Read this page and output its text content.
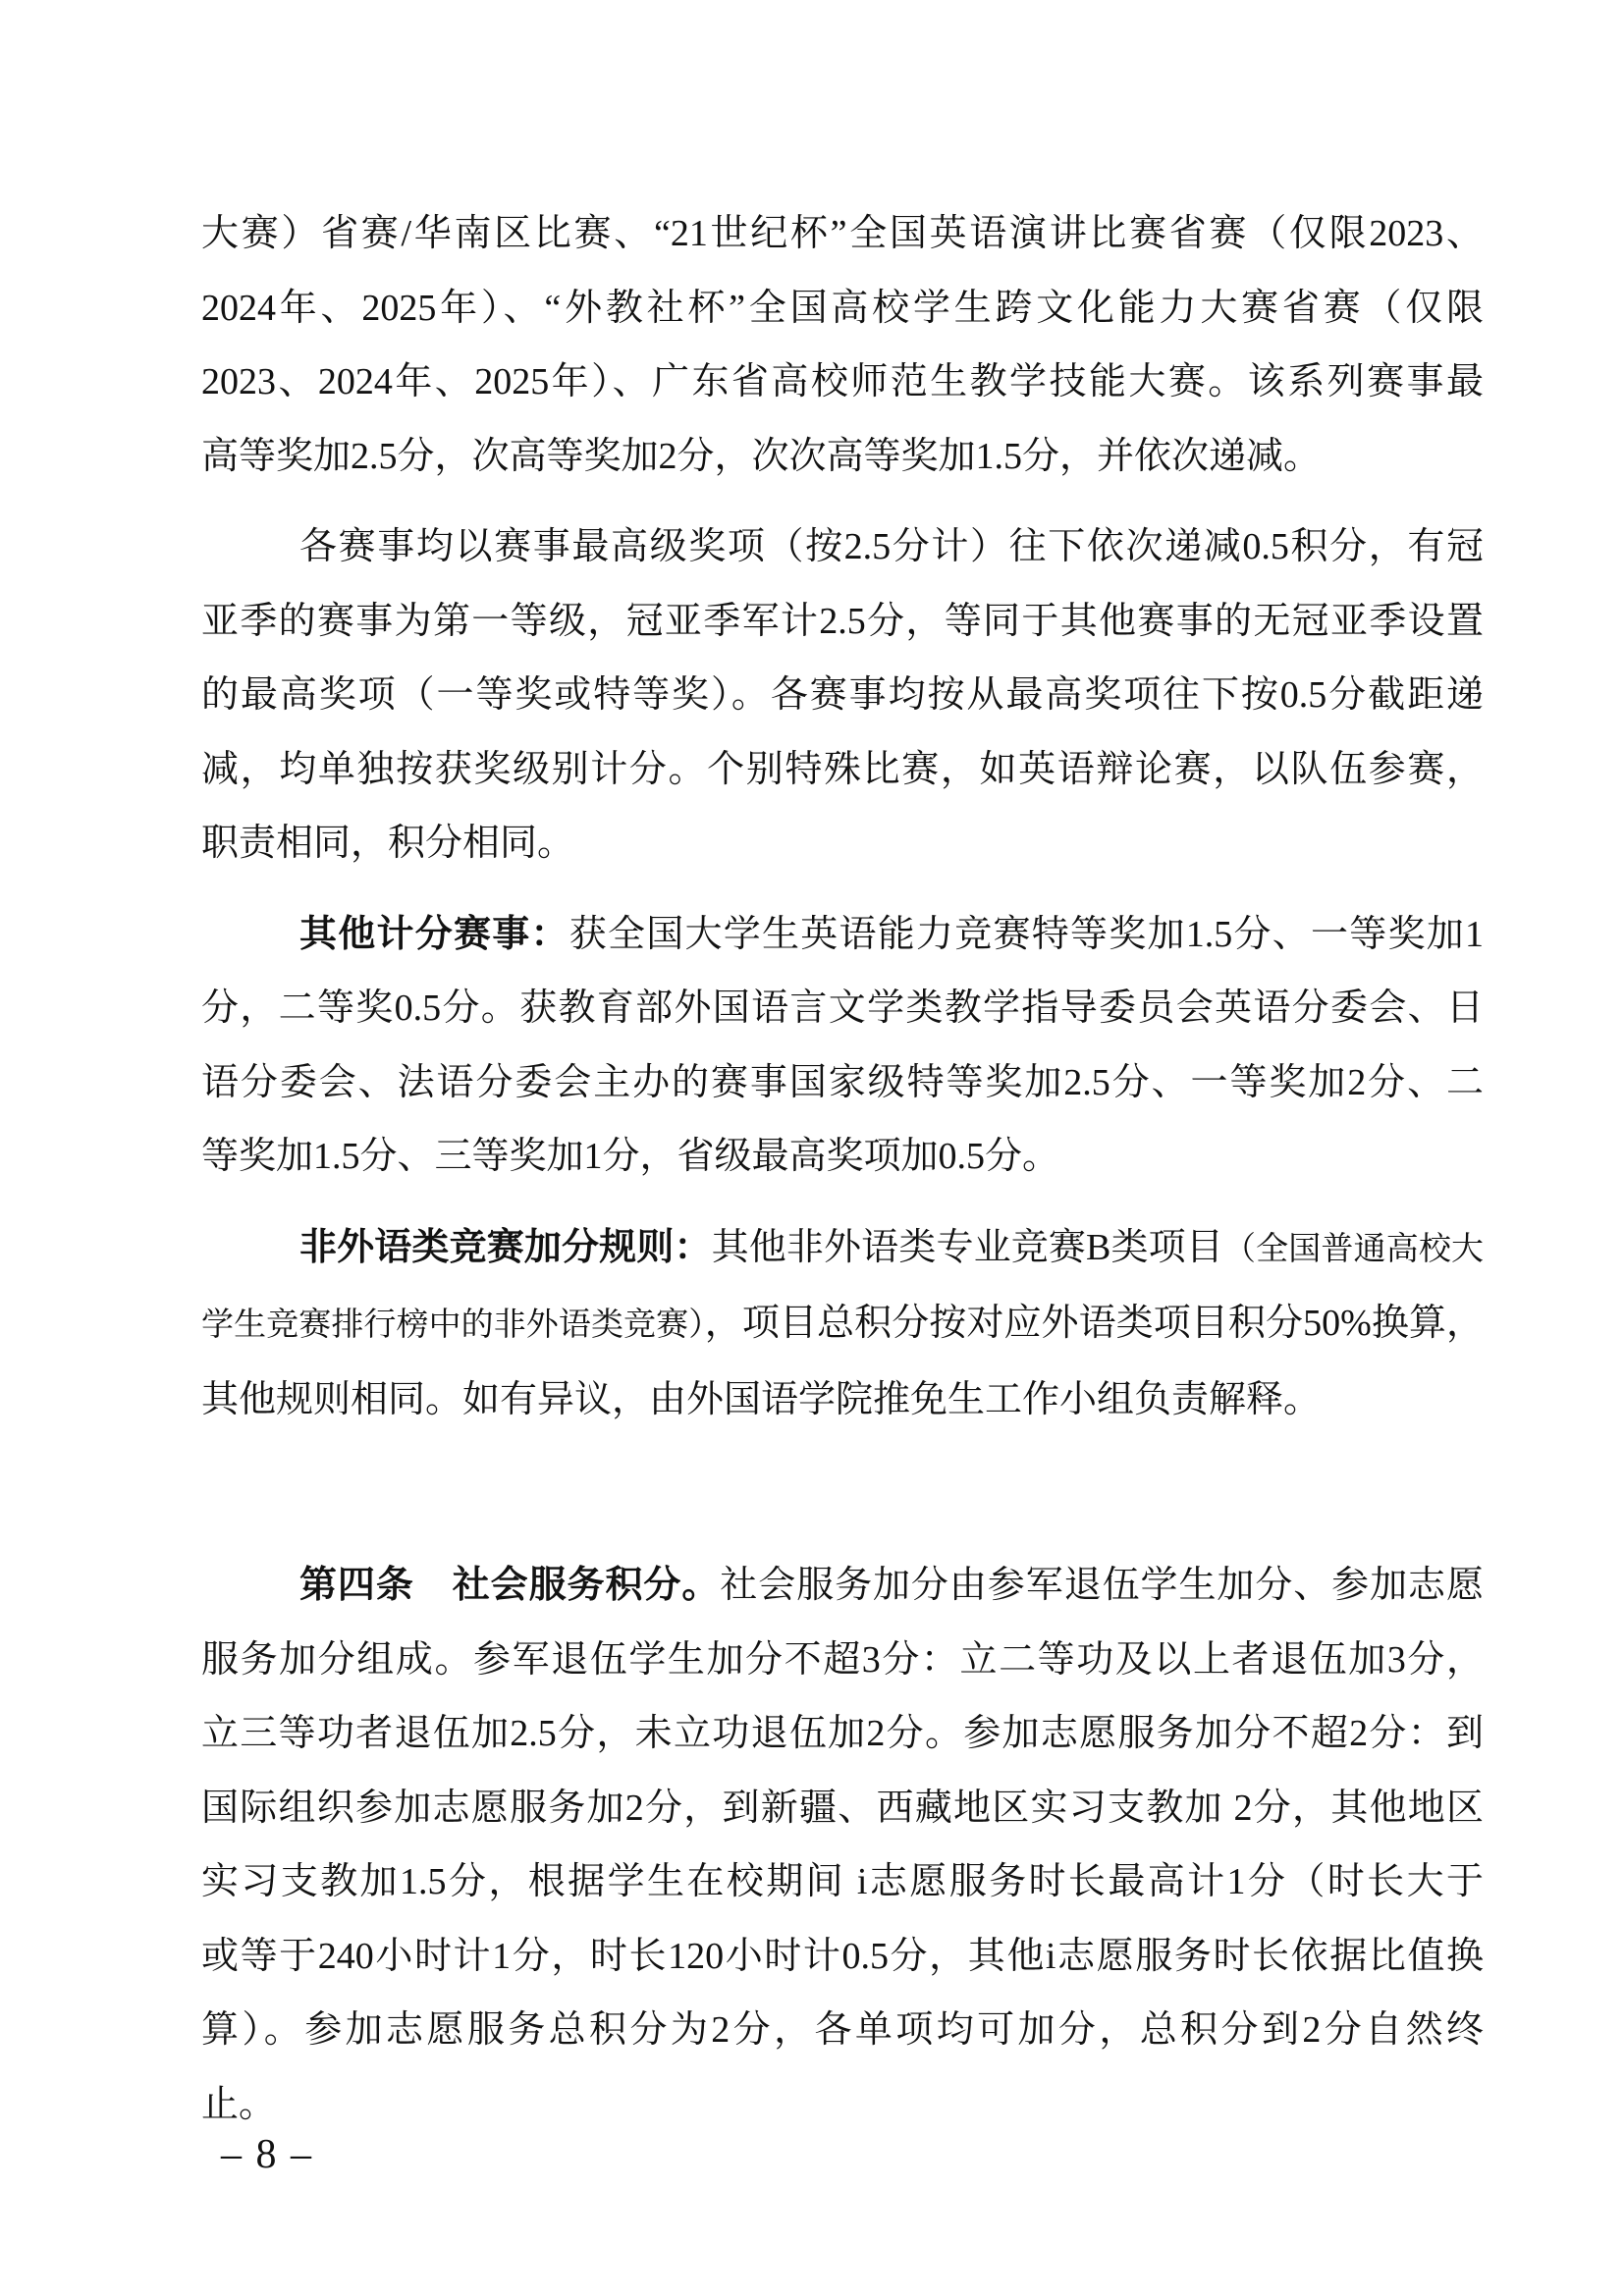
大赛）省赛/华南区比赛、“21世纪杯”全国英语演讲比赛省赛（仅限2023、
2024年、2025年）、“外教社杯”全国高校学生跨文化能力大赛省赛（仅限
2023、2024年、2025年）、广东省高校师范生教学技能大赛。该系列赛事最
高等奖加2.5分，次高等奖加2分，次次高等奖加1.5分，并依次递减。

各赛事均以赛事最高级奖项（按2.5分计）往下依次递减0.5积分，有冠
亚季的赛事为第一等级，冠亚季军计2.5分，等同于其他赛事的无冠亚季设置
的最高奖项（一等奖或特等奖）。各赛事均按从最高奖项往下按0.5分截距递
减，均单独按获奖级别计分。个别特殊比赛，如英语辩论赛，以队伍参赛，
职责相同，积分相同。

其他计分赛事：获全国大学生英语能力竞赛特等奖加1.5分、一等奖加1
分，二等奖0.5分。获教育部外国语言文学类教学指导委员会英语分委会、日
语分委会、法语分委会主办的赛事国家级特等奖加2.5分、一等奖加2分、二
等奖加1.5分、三等奖加1分，省级最高奖项加0.5分。

非外语类竞赛加分规则：其他非外语类专业竞赛B类项目（全国普通高校大
学生竞赛排行榜中的非外语类竞赛），项目总积分按对应外语类项目积分50%换算，
其他规则相同。如有异议，由外国语学院推免生工作小组负责解释。

第四条　社会服务积分。社会服务加分由参军退伍学生加分、参加志愿
服务加分组成。参军退伍学生加分不超3分：立二等功及以上者退伍加3分，
立三等功者退伍加2.5分，未立功退伍加2分。参加志愿服务加分不超2分：到
国际组织参加志愿服务加2分，到新疆、西藏地区实习支教加 2分，其他地区
实习支教加1.5分，根据学生在校期间 i志愿服务时长最高计1分（时长大于
或等于240小时计1分，时长120小时计0.5分，其他i志愿服务时长依据比值换
算）。参加志愿服务总积分为2分，各单项均可加分，总积分到2分自然终
止。

– 8 –
